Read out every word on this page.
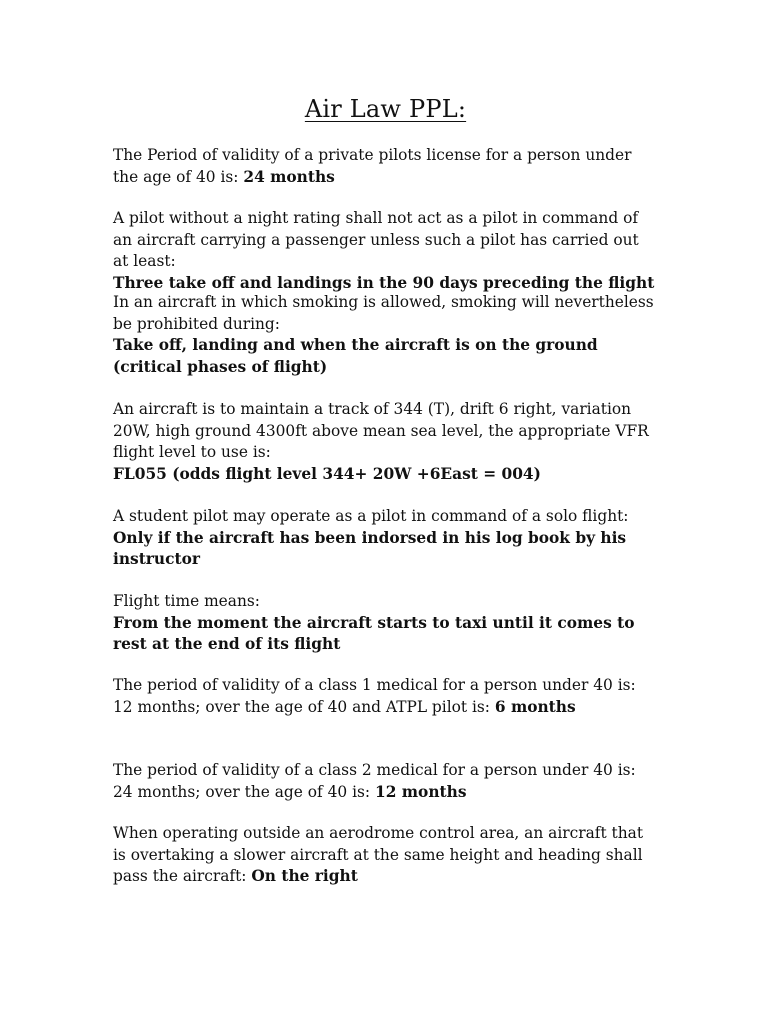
Air Law PPL:

The Period of validity of a private pilots license for a person under the age of 40 is: 24 months

A pilot without a night rating shall not act as a pilot in command of an aircraft carrying a passenger unless such a pilot has carried out at least:

Three take off and landings in the 90 days preceding the flight

In an aircraft in which smoking is allowed, smoking will nevertheless be prohibited during:

Take off, landing and when the aircraft is on the ground (critical phases of flight)

An aircraft is to maintain a track of 344 (T), drift 6 right, variation 20W, high ground 4300ft above mean sea level, the appropriate VFR flight level to use is:

FL055 (odds flight level 344+ 20W +6East = 004)

A student pilot may operate as a pilot in command of a solo flight:

Only if the aircraft has been indorsed in his log book by his instructor

Flight time means:

From the moment the aircraft starts to taxi until it comes to rest at the end of its flight

The period of validity of a class 1 medical for a person under 40 is: 12 months; over the age of 40 and ATPL pilot is: 6 months

The period of validity of a class 2 medical for a person under 40 is: 24 months; over the age of 40 is: 12 months

When operating outside an aerodrome control area, an aircraft that is overtaking a slower aircraft at the same height and heading shall pass the aircraft: On the right
